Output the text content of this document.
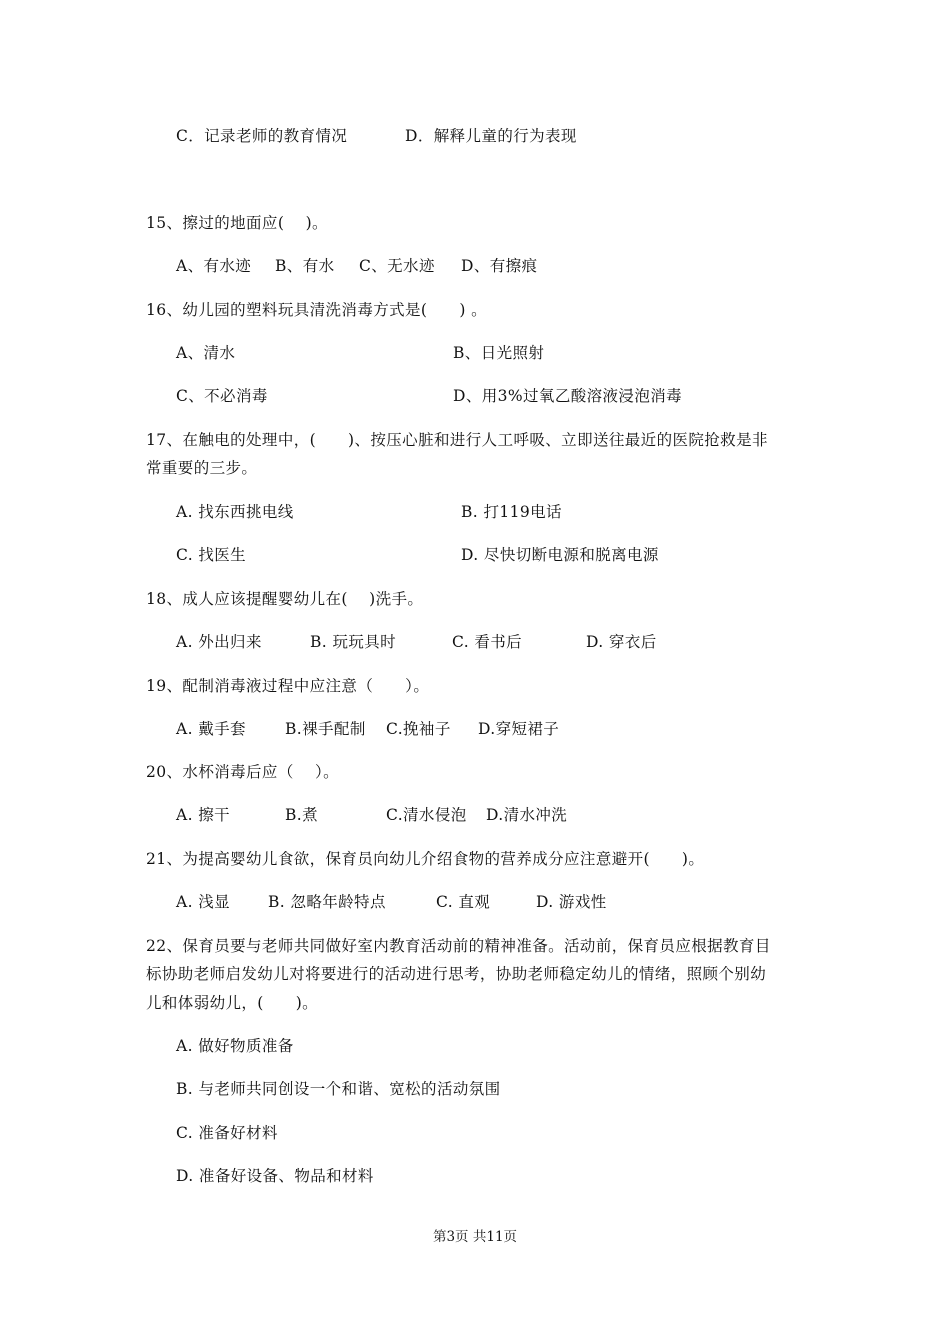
C．记录老师的教育情况	D．解释儿童的行为表现
15、擦过的地面应(    )。
A、有水迹 B、有水 C、无水迹 D、有擦痕
16、幼儿园的塑料玩具清洗消毒方式是(      ) 。
A、清水	B、日光照射
C、不必消毒	D、用3%过氧乙酸溶液浸泡消毒
17、在触电的处理中，(      )、按压心脏和进行人工呼吸、立即送往最近的医院抢救是非
常重要的三步。
A. 找东西挑电线	B. 打119电话
C. 找医生	D. 尽快切断电源和脱离电源
18、成人应该提醒婴幼儿在(    )洗手。
A. 外出归来	B. 玩玩具时	C. 看书后	D. 穿衣后
19、配制消毒液过程中应注意（      ）。
A. 戴手套	B.裸手配制 C.挽袖子 D.穿短裙子
20、水杯消毒后应（    ）。
A. 擦干	B.煮	C.清水侵泡 D.清水冲洗
21、为提高婴幼儿食欲，保育员向幼儿介绍食物的营养成分应注意避开(      )。
A. 浅显 B. 忽略年龄特点	C. 直观	D. 游戏性
22、保育员要与老师共同做好室内教育活动前的精神准备。活动前，保育员应根据教育目
标协助老师启发幼儿对将要进行的活动进行思考，协助老师稳定幼儿的情绪，照顾个别幼
儿和体弱幼儿，(      )。
A. 做好物质准备
B. 与老师共同创设一个和谐、宽松的活动氛围
C. 准备好材料
D. 准备好设备、物品和材料
第3页 共11页
